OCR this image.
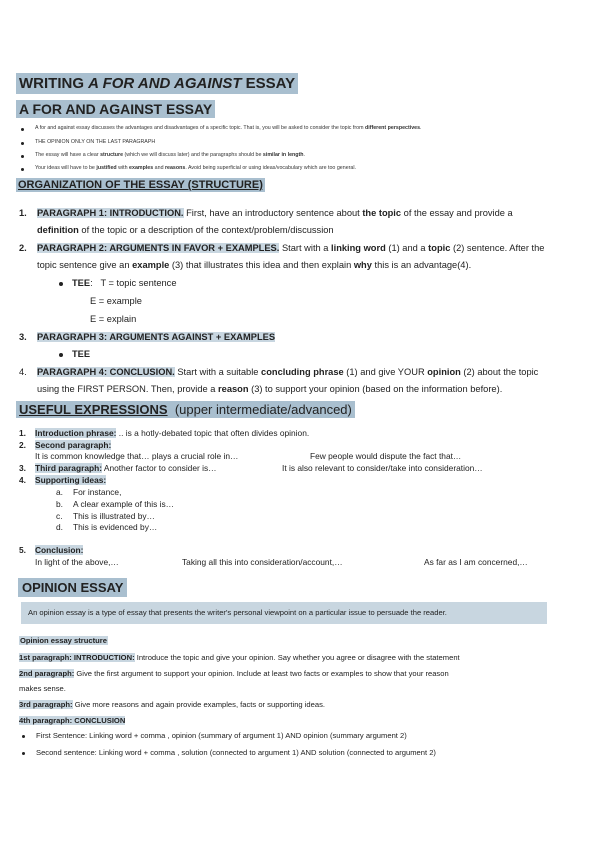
WRITING A FOR AND AGAINST ESSAY
A FOR AND AGAINST ESSAY
A for and against essay discusses the advantages and disadvantages of a specific topic. That is, you will be asked to consider the topic from different perspectives.
THE OPINION ONLY ON THE LAST PARAGRAPH
The essay will have a clear structure (which we will discuss later) and the paragraphs should be similar in length.
Your ideas will have to be justified with examples and reasons. Avoid being superficial or using ideas/vocabulary which are too general.
ORGANIZATION OF THE ESSAY (STRUCTURE)
1. PARAGRAPH 1: INTRODUCTION. First, have an introductory sentence about the topic of the essay and provide a
definition of the topic or a description of the context/problem/discussion
2. PARAGRAPH 2: ARGUMENTS IN FAVOR + EXAMPLES. Start with a linking word (1) and a topic (2) sentence. After the
topic sentence give an example (3) that illustrates this idea and then explain why this is an advantage(4).
TEE:   T = topic sentence
E = example
E = explain
3. PARAGRAPH 3: ARGUMENTS AGAINST + EXAMPLES
TEE
4. PARAGRAPH 4: CONCLUSION. Start with a suitable concluding phrase (1) and give YOUR opinion (2) about the topic
using the FIRST PERSON. Then, provide a reason (3) to support your opinion (based on the information before).
USEFUL EXPRESSIONS (upper intermediate/advanced)
1. Introduction phrase: .. is a hotly-debated topic that often divides opinion.
2. Second paragraph:
It is common knowledge that… plays a crucial role in…	Few people would dispute the fact that…
3. Third paragraph: Another factor to consider is…	It is also relevant to consider/take into consideration…
4. Supporting ideas:
a. For instance,
b. A clear example of this is…
c. This is illustrated by…
d. This is evidenced by…
5. Conclusion:
In light of the above,…	Taking all this into consideration/account,…	As far as I am concerned,…
OPINION ESSAY
An opinion essay is a type of essay that presents the writer's personal viewpoint on a particular issue to persuade the reader.
Opinion essay structure
1st paragraph: INTRODUCTION: Introduce the topic and give your opinion. Say whether you agree or disagree with the statement
2nd paragraph: Give the first argument to support your opinion. Include at least two facts or examples to show that your reason
makes sense.
3rd paragraph: Give more reasons and again provide examples, facts or supporting ideas.
4th paragraph: CONCLUSION
First Sentence: Linking word + comma , opinion (summary of argument 1) AND opinion (summary argument 2)
Second sentence: Linking word + comma , solution (connected to argument 1) AND solution (connected to argument 2)
